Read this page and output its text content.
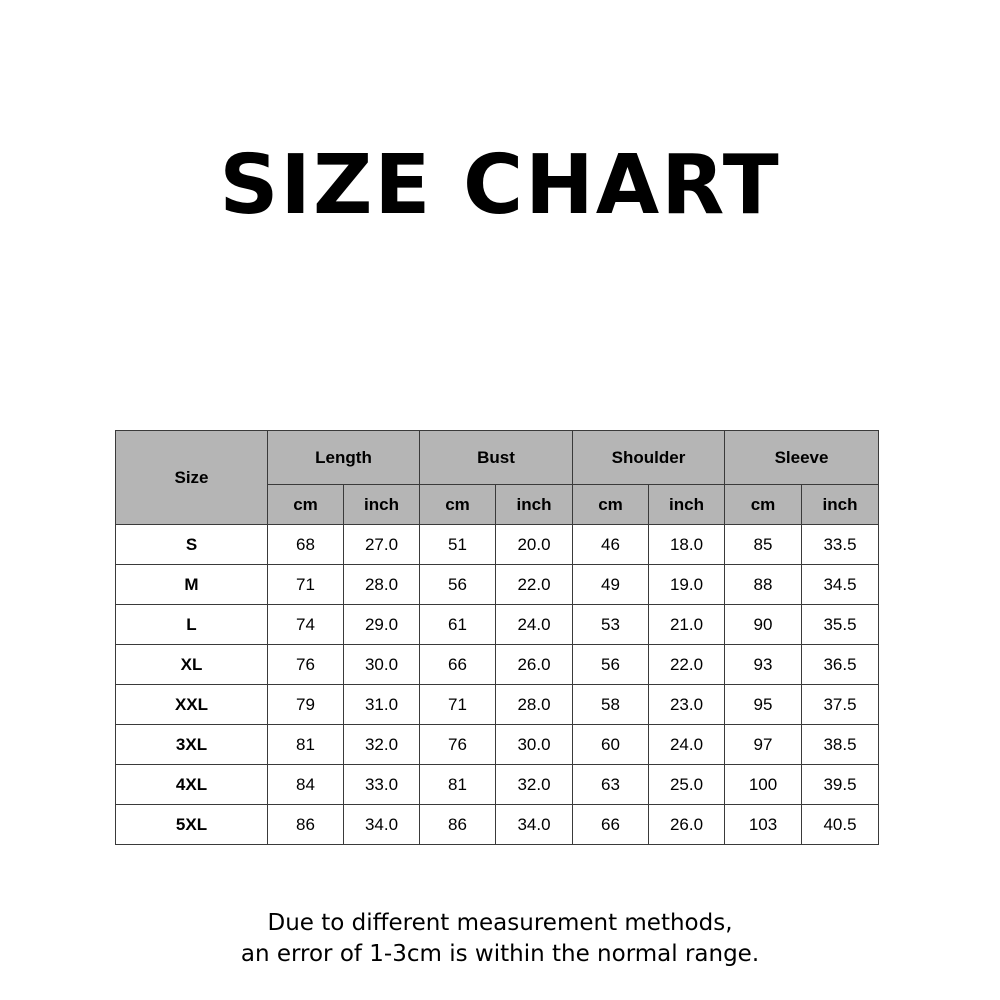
SIZE CHART
Size	Length		Bust		Shoulder		Sleeve	
	cm	inch	cm	inch	cm	inch	cm	inch
S	68	27.0	51	20.0	46	18.0	85	33.5
M	71	28.0	56	22.0	49	19.0	88	34.5
L	74	29.0	61	24.0	53	21.0	90	35.5
XL	76	30.0	66	26.0	56	22.0	93	36.5
XXL	79	31.0	71	28.0	58	23.0	95	37.5
3XL	81	32.0	76	30.0	60	24.0	97	38.5
4XL	84	33.0	81	32.0	63	25.0	100	39.5
5XL	86	34.0	86	34.0	66	26.0	103	40.5
Due to different measurement methods,
an error of 1-3cm is within the normal range.
